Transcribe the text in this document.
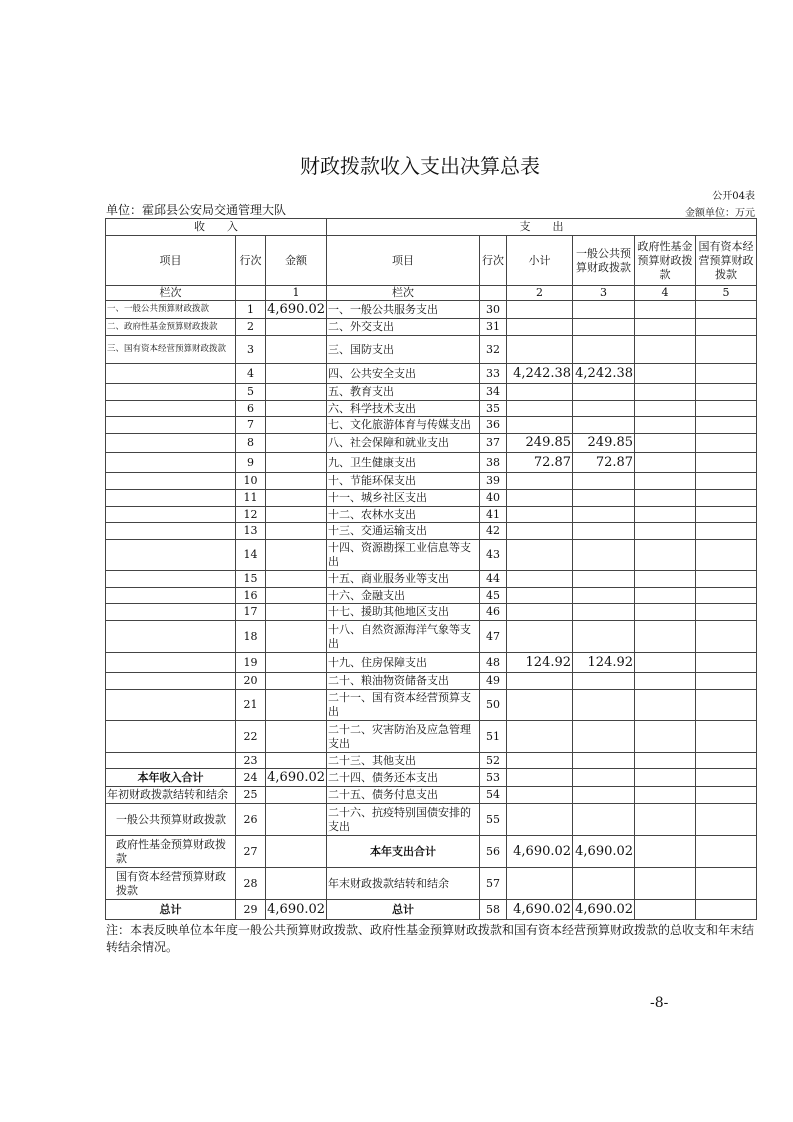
财政拨款收入支出决算总表
公开04表
单位：霍邱县公安局交通管理大队	金额单位：万元
收　　入			支　　出					
项目	行次	金额	项目	行次	小计	一般公共预算财政拨款	政府性基金预算财政拨款	国有资本经营预算财政拨款
栏次		1	栏次		2	3	4	5
一、一般公共预算财政拨款	1	4,690.02	一、一般公共服务支出	30				
二、政府性基金预算财政拨款	2		二、外交支出	31				
三、国有资本经营预算财政拨款	3		三、国防支出	32				
	4		四、公共安全支出	33	4,242.38	4,242.38		
	5		五、教育支出	34				
	6		六、科学技术支出	35				
	7		七、文化旅游体育与传媒支出	36				
	8		八、社会保障和就业支出	37	249.85	249.85		
	9		九、卫生健康支出	38	72.87	72.87		
	10		十、节能环保支出	39				
	11		十一、城乡社区支出	40				
	12		十二、农林水支出	41				
	13		十三、交通运输支出	42				
	14		十四、资源勘探工业信息等支出	43				
	15		十五、商业服务业等支出	44				
	16		十六、金融支出	45				
	17		十七、援助其他地区支出	46				
	18		十八、自然资源海洋气象等支出	47				
	19		十九、住房保障支出	48	124.92	124.92		
	20		二十、粮油物资储备支出	49				
	21		二十一、国有资本经营预算支出	50				
	22		二十二、灾害防治及应急管理支出	51				
	23		二十三、其他支出	52				
本年收入合计	24	4,690.02	二十四、债务还本支出	53				
年初财政拨款结转和结余	25		二十五、债务付息支出	54				
一般公共预算财政拨款	26		二十六、抗疫特别国债安排的支出	55				
政府性基金预算财政拨款	27		本年支出合计	56	4,690.02	4,690.02		
国有资本经营预算财政拨款	28		年末财政拨款结转和结余	57				
总计	29	4,690.02	总计	58	4,690.02	4,690.02		
注：本表反映单位本年度一般公共预算财政拨款、政府性基金预算财政拨款和国有资本经营预算财政拨款的总收支和年末结转结余情况。
-8-
